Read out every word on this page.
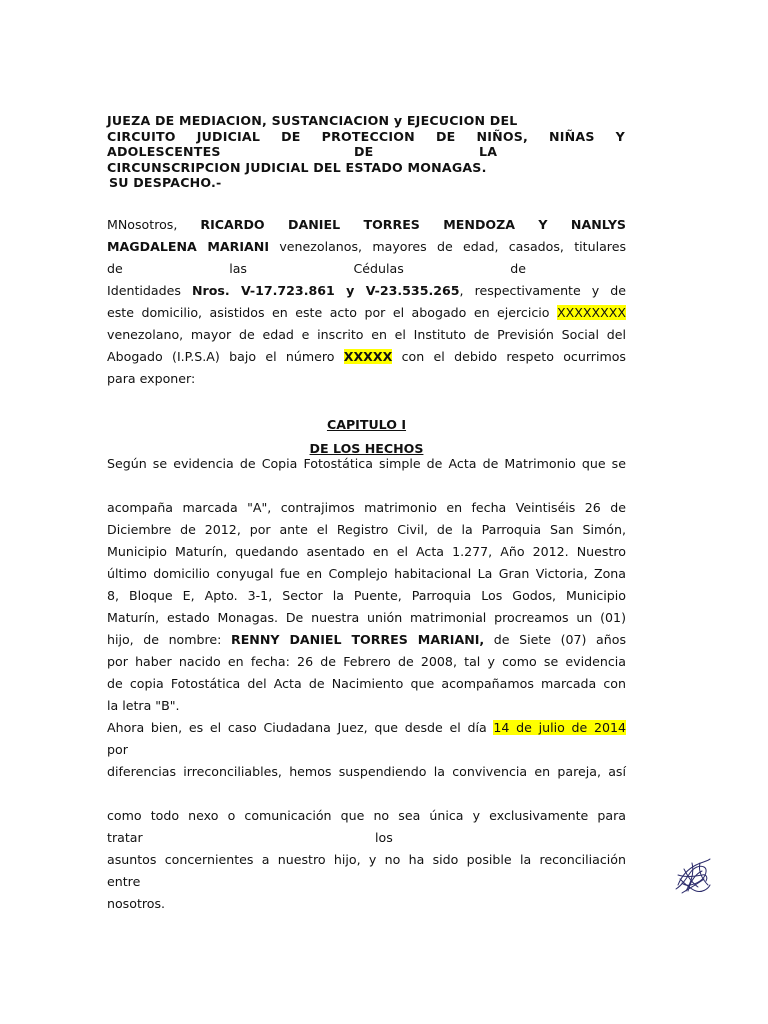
JUEZA DE MEDIACION, SUSTANCIACION y EJECUCION DEL
CIRCUITO JUDICIAL DE PROTECCION DE NIÑOS, NIÑAS Y
ADOLESCENTES	DE	LA
CIRCUNSCRIPCION JUDICIAL DEL ESTADO MONAGAS.
SU DESPACHO.-
MNosotros, RICARDO DANIEL TORRES MENDOZA Y NANLYS
MAGDALENA MARIANI venezolanos, mayores de edad, casados, titulares
de	las	Cédulas	de
Identidades Nros. V-17.723.861 y V-23.535.265, respectivamente y de
este domicilio, asistidos en este acto por el abogado en ejercicio XXXXXXXX
venezolano, mayor de edad e inscrito en el Instituto de Previsión Social del
Abogado (I.P.S.A) bajo el número XXXXX con el debido respeto ocurrimos
para exponer:
CAPITULO I
DE LOS HECHOS
Según se evidencia de Copia Fotostática simple de Acta de Matrimonio que se
acompaña marcada "A", contrajimos matrimonio en fecha Veintiséis 26 de
Diciembre de 2012, por ante el Registro Civil, de la Parroquia San Simón,
Municipio Maturín, quedando asentado en el Acta 1.277, Año 2012. Nuestro
último domicilio conyugal fue en Complejo habitacional La Gran Victoria, Zona
8, Bloque E, Apto. 3-1, Sector la Puente, Parroquia Los Godos, Municipio
Maturín, estado Monagas. De nuestra unión matrimonial procreamos un (01)
hijo, de nombre: RENNY DANIEL TORRES MARIANI, de Siete (07) años
por haber nacido en fecha: 26 de Febrero de 2008, tal y como se evidencia
de copia Fotostática del Acta de Nacimiento que acompañamos marcada con
la letra "B".
Ahora bien, es el caso Ciudadana Juez, que desde el día 14 de julio de 2014
por
diferencias irreconciliables, hemos suspendiendo la convivencia en pareja, así
como todo nexo o comunicación que no sea única y exclusivamente para
tratar	los
asuntos concernientes a nuestro hijo, y no ha sido posible la reconciliación
entre
nosotros.
